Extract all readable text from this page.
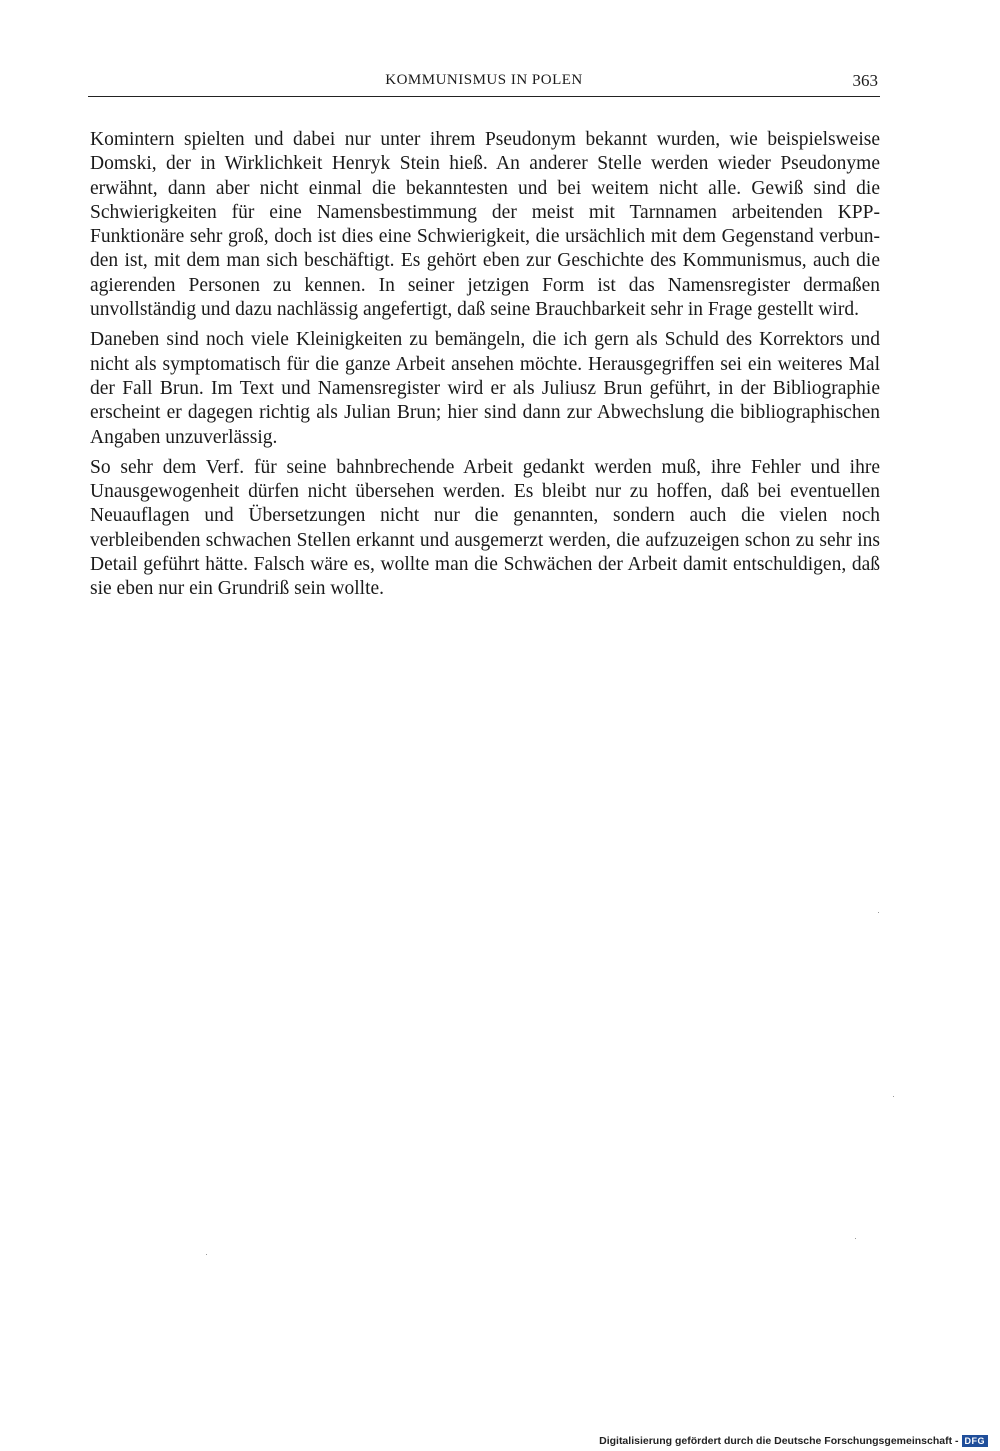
KOMMUNISMUS IN POLEN	363

Komintern spielten und dabei nur unter ihrem Pseudonym bekannt wurden, wie beispielsweise Domski, der in Wirklichkeit Henryk Stein hieß. An anderer Stelle werden wieder Pseudonyme erwähnt, dann aber nicht einmal die bekanntesten und bei weitem nicht alle. Gewiß sind die Schwierigkeiten für eine Namensbestimmung der meist mit Tarnnamen arbeitenden KPP-Funktionäre sehr groß, doch ist dies eine Schwierigkeit, die ursächlich mit dem Gegenstand verbunden ist, mit dem man sich beschäftigt. Es gehört eben zur Geschichte des Kommunismus, auch die agierenden Personen zu kennen. In seiner jetzigen Form ist das Namensregister dermaßen unvollständig und dazu nachlässig angefertigt, daß seine Brauchbarkeit sehr in Frage gestellt wird.

Daneben sind noch viele Kleinigkeiten zu bemängeln, die ich gern als Schuld des Korrektors und nicht als symptomatisch für die ganze Arbeit ansehen möchte. Herausgegriffen sei ein weiteres Mal der Fall Brun. Im Text und Namensregister wird er als Juliusz Brun geführt, in der Bibliographie erscheint er dagegen richtig als Julian Brun; hier sind dann zur Abwechslung die bibliographischen Angaben unzuverlässig.

So sehr dem Verf. für seine bahnbrechende Arbeit gedankt werden muß, ihre Fehler und ihre Unausgewogenheit dürfen nicht übersehen werden. Es bleibt nur zu hoffen, daß bei eventuellen Neuauflagen und Übersetzungen nicht nur die genannten, sondern auch die vielen noch verbleibenden schwachen Stellen erkannt und ausgemerzt werden, die aufzuzeigen schon zu sehr ins Detail geführt hätte. Falsch wäre es, wollte man die Schwächen der Arbeit damit entschuldigen, daß sie eben nur ein Grundriß sein wollte.

Digitalisierung gefördert durch die Deutsche Forschungsgemeinschaft - DFG
